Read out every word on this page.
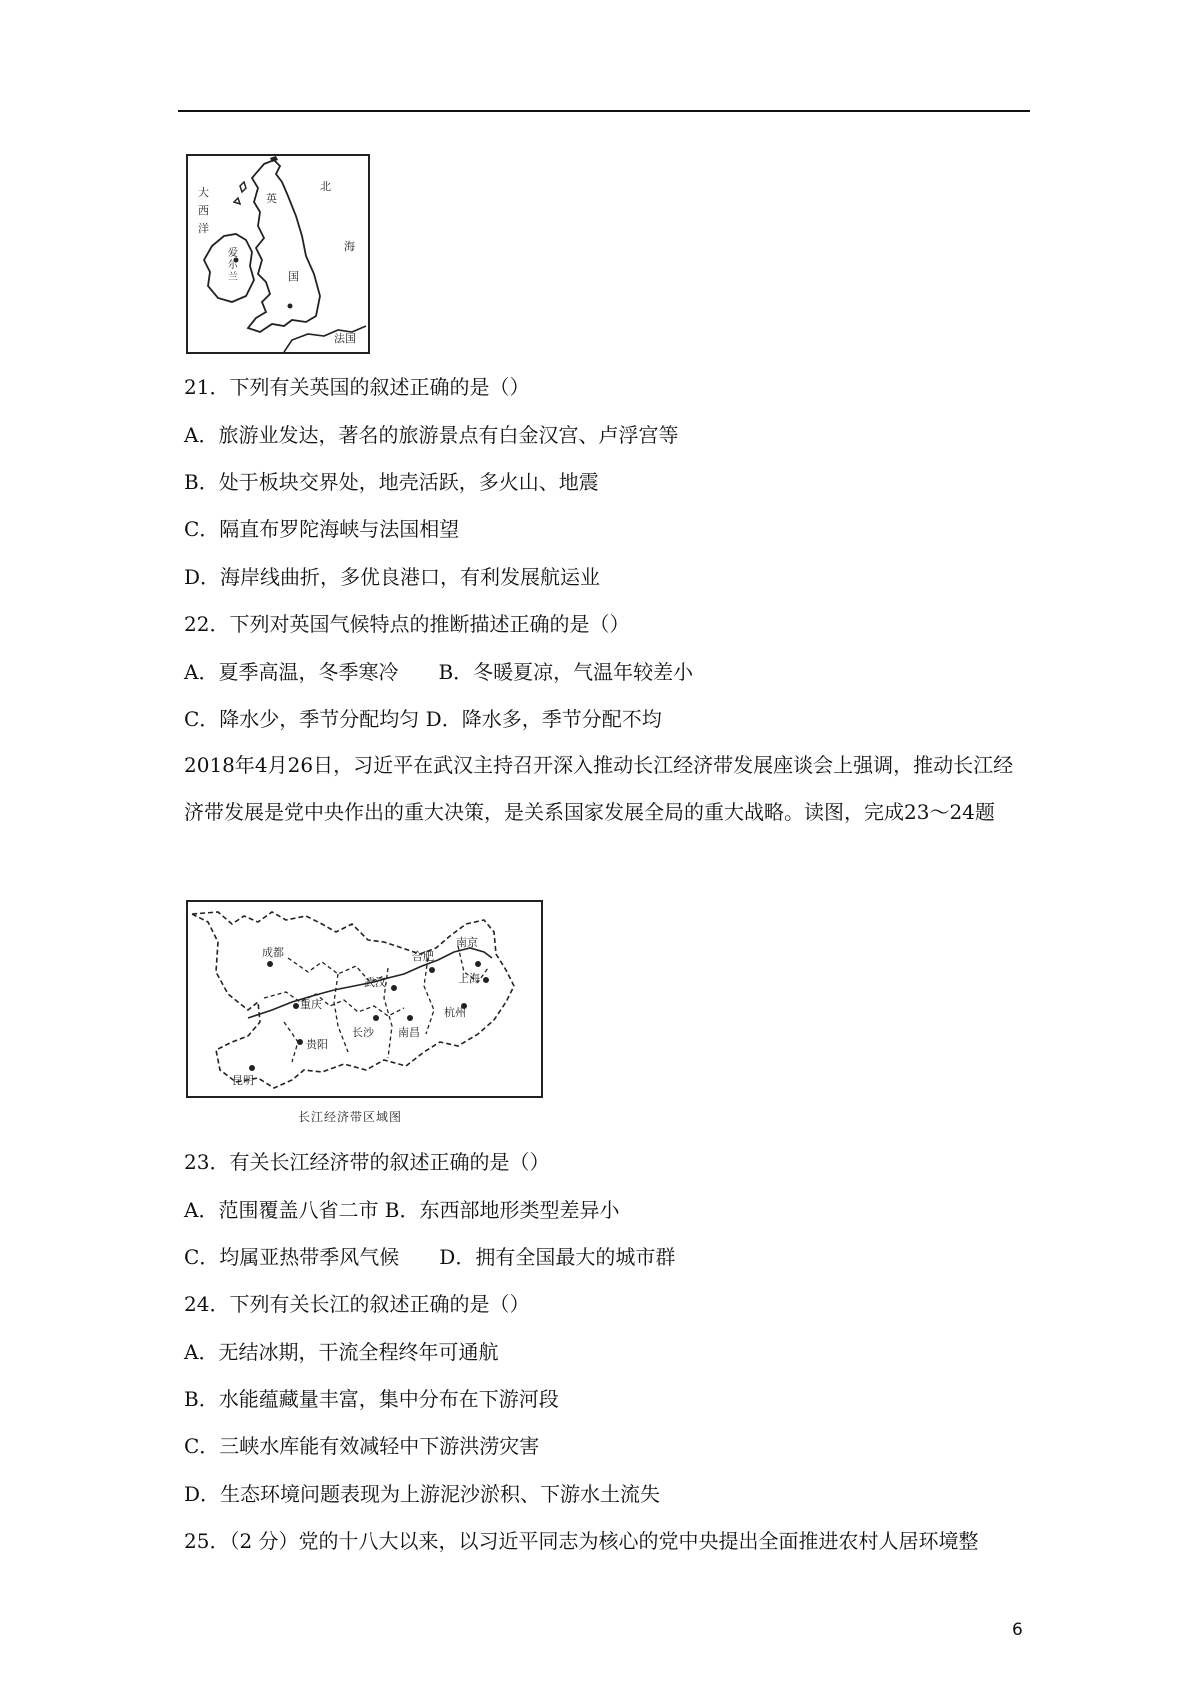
大
西
洋
北
海
英
国
爱
尔
兰
法国
21．下列有关英国的叙述正确的是（）
A．旅游业发达，著名的旅游景点有白金汉宫、卢浮宫等
B．处于板块交界处，地壳活跃，多火山、地震
C．隔直布罗陀海峡与法国相望
D．海岸线曲折，多优良港口，有利发展航运业
22．下列对英国气候特点的推断描述正确的是（）
A．夏季高温，冬季寒冷　　B．冬暖夏凉，气温年较差小
C．降水少，季节分配均匀 D．降水多，季节分配不均
2018年4月26日，习近平在武汉主持召开深入推动长江经济带发展座谈会上强调，推动长江经济带发展是党中央作出的重大决策，是关系国家发展全局的重大战略。读图，完成23～24题
成都
重庆
武汉
合肥
南京
上海
杭州
贵阳
长沙 南昌
昆明
长江经济带区域图
23．有关长江经济带的叙述正确的是（）
A．范围覆盖八省二市 B．东西部地形类型差异小
C．均属亚热带季风气候　　D．拥有全国最大的城市群
24．下列有关长江的叙述正确的是（）
A．无结冰期，干流全程终年可通航
B．水能蕴藏量丰富，集中分布在下游河段
C．三峡水库能有效减轻中下游洪涝灾害
D．生态环境问题表现为上游泥沙淤积、下游水土流失
25．（2 分）党的十八大以来，以习近平同志为核心的党中央提出全面推进农村人居环境整
6
